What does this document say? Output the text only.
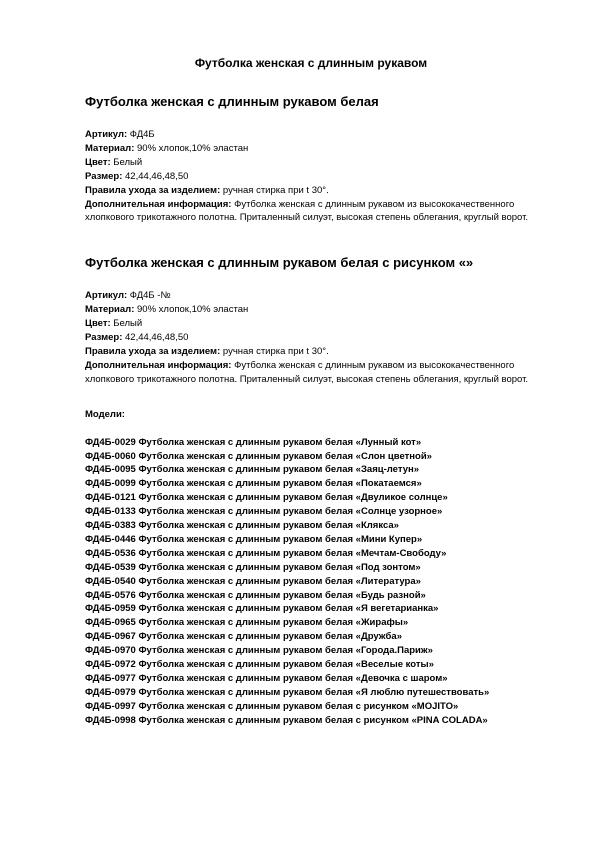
Футболка женская с длинным рукавом
Футболка женская с длинным рукавом белая
Артикул: ФД4Б
Материал: 90% хлопок,10% эластан
Цвет: Белый
Размер: 42,44,46,48,50
Правила ухода за изделием: ручная стирка при t 30°.
Дополнительная информация: Футболка женская с длинным рукавом из высококачественного хлопкового трикотажного полотна. Приталенный силуэт, высокая степень облегания, круглый ворот.
Футболка женская с длинным рукавом белая с рисунком «»
Артикул: ФД4Б -№
Материал: 90% хлопок,10% эластан
Цвет: Белый
Размер: 42,44,46,48,50
Правила ухода за изделием: ручная стирка при t 30°.
Дополнительная информация: Футболка женская с длинным рукавом из высококачественного хлопкового трикотажного полотна. Приталенный силуэт, высокая степень облегания, круглый ворот.
Модели:
ФД4Б-0029 Футболка женская с длинным рукавом белая «Лунный кот»
ФД4Б-0060 Футболка женская с длинным рукавом белая «Слон цветной»
ФД4Б-0095 Футболка женская с длинным рукавом белая «Заяц-летун»
ФД4Б-0099 Футболка женская с длинным рукавом белая «Покатаемся»
ФД4Б-0121 Футболка женская с длинным рукавом белая «Двуликое солнце»
ФД4Б-0133 Футболка женская с длинным рукавом белая «Солнце узорное»
ФД4Б-0383 Футболка женская с длинным рукавом белая «Клякса»
ФД4Б-0446 Футболка женская с длинным рукавом белая «Мини Купер»
ФД4Б-0536 Футболка женская с длинным рукавом белая «Мечтам-Свободу»
ФД4Б-0539 Футболка женская с длинным рукавом белая «Под зонтом»
ФД4Б-0540 Футболка женская с длинным рукавом белая «Литература»
ФД4Б-0576 Футболка женская с длинным рукавом белая «Будь разной»
ФД4Б-0959 Футболка женская с длинным рукавом белая «Я вегетарианка»
ФД4Б-0965 Футболка женская с длинным рукавом белая «Жирафы»
ФД4Б-0967 Футболка женская с длинным рукавом белая «Дружба»
ФД4Б-0970 Футболка женская с длинным рукавом белая «Города.Париж»
ФД4Б-0972 Футболка женская с длинным рукавом белая «Веселые коты»
ФД4Б-0977 Футболка женская с длинным рукавом белая «Девочка с шаром»
ФД4Б-0979 Футболка женская с длинным рукавом белая «Я люблю путешествовать»
ФД4Б-0997 Футболка женская с длинным рукавом белая с рисунком «MOJITO»
ФД4Б-0998 Футболка женская с длинным рукавом белая с рисунком «PINA COLADA»
